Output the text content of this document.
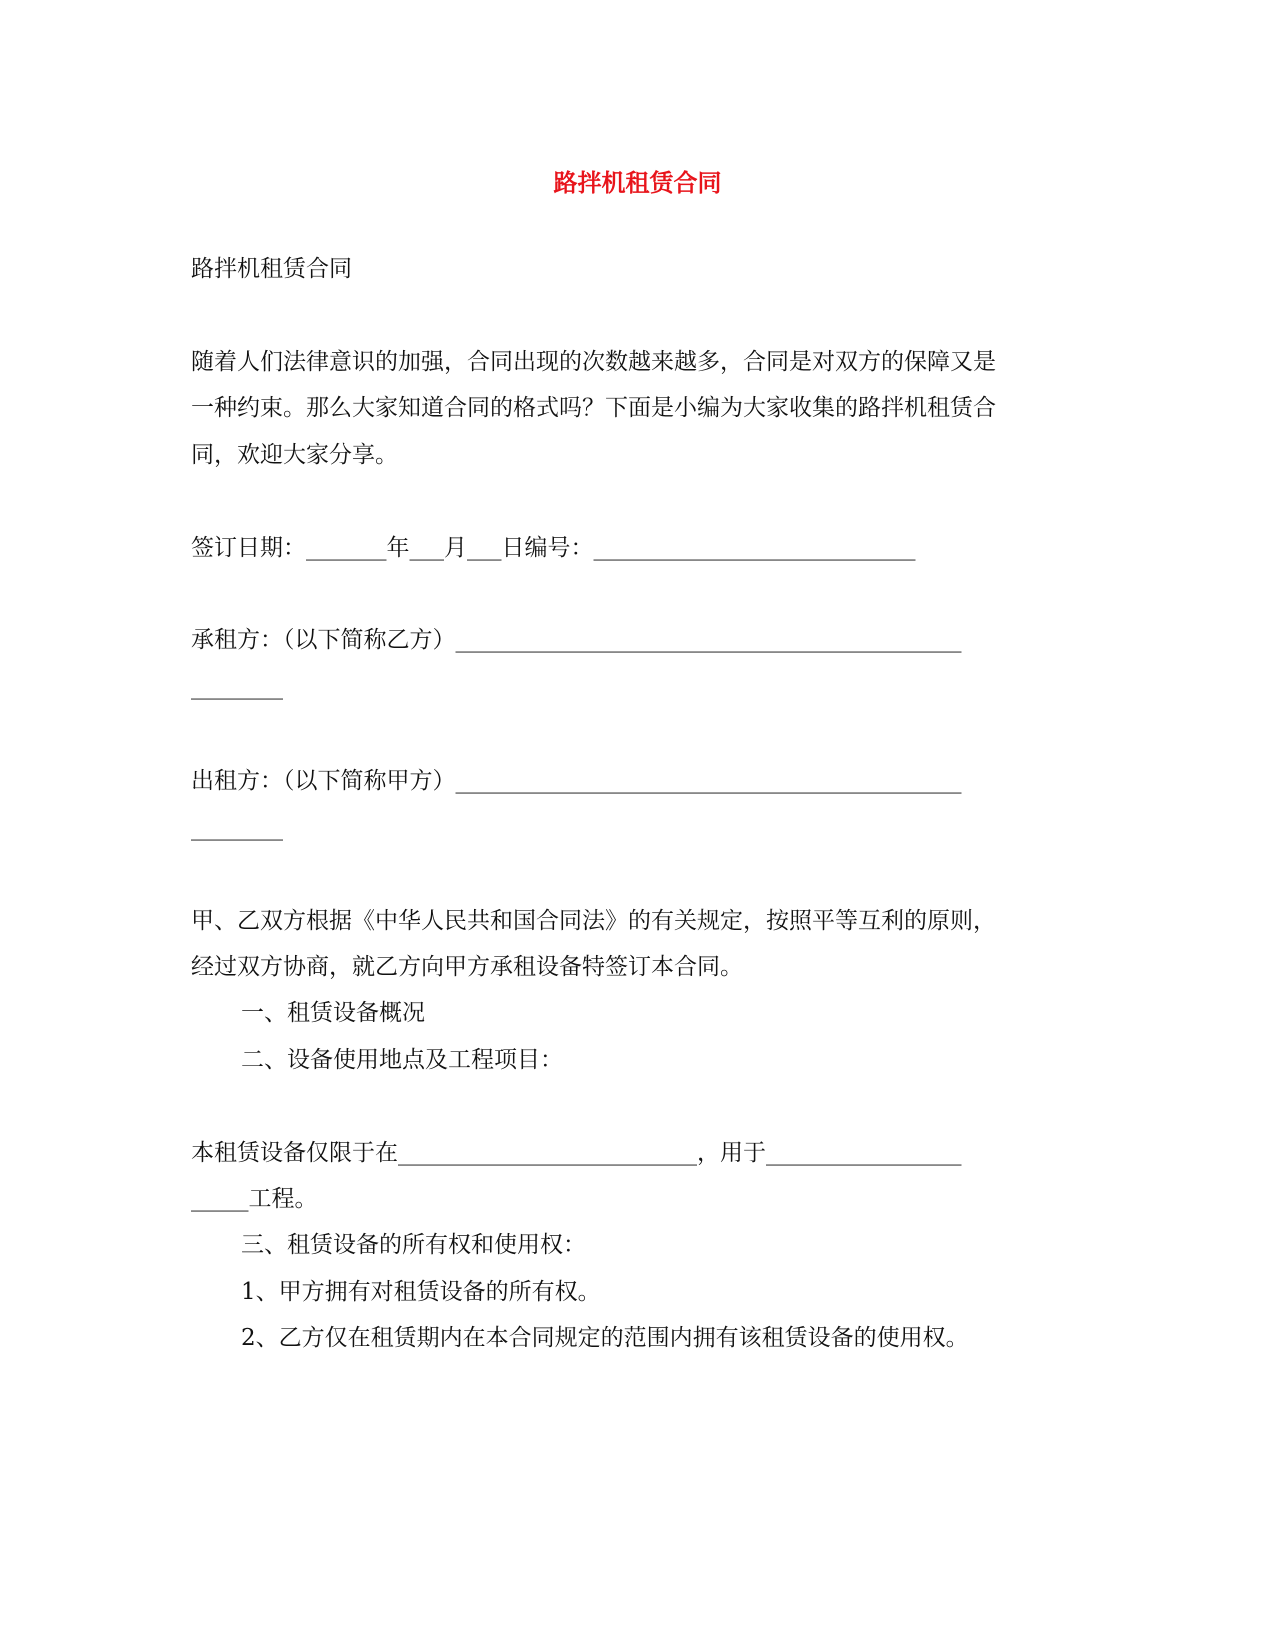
路拌机租赁合同
路拌机租赁合同
随着人们法律意识的加强，合同出现的次数越来越多，合同是对双方的保障又是
一种约束。那么大家知道合同的格式吗？下面是小编为大家收集的路拌机租赁合
同，欢迎大家分享。
签订日期：_______年___月___日编号：____________________________
承租方：（以下简称乙方）____________________________________________
________
出租方：（以下简称甲方）____________________________________________
________
甲、乙双方根据《中华人民共和国合同法》的有关规定，按照平等互利的原则，
经过双方协商，就乙方向甲方承租设备特签订本合同。
一、租赁设备概况
二、设备使用地点及工程项目：
本租赁设备仅限于在__________________________，用于_________________
_____工程。
三、租赁设备的所有权和使用权：
1、甲方拥有对租赁设备的所有权。
2、乙方仅在租赁期内在本合同规定的范围内拥有该租赁设备的使用权。
